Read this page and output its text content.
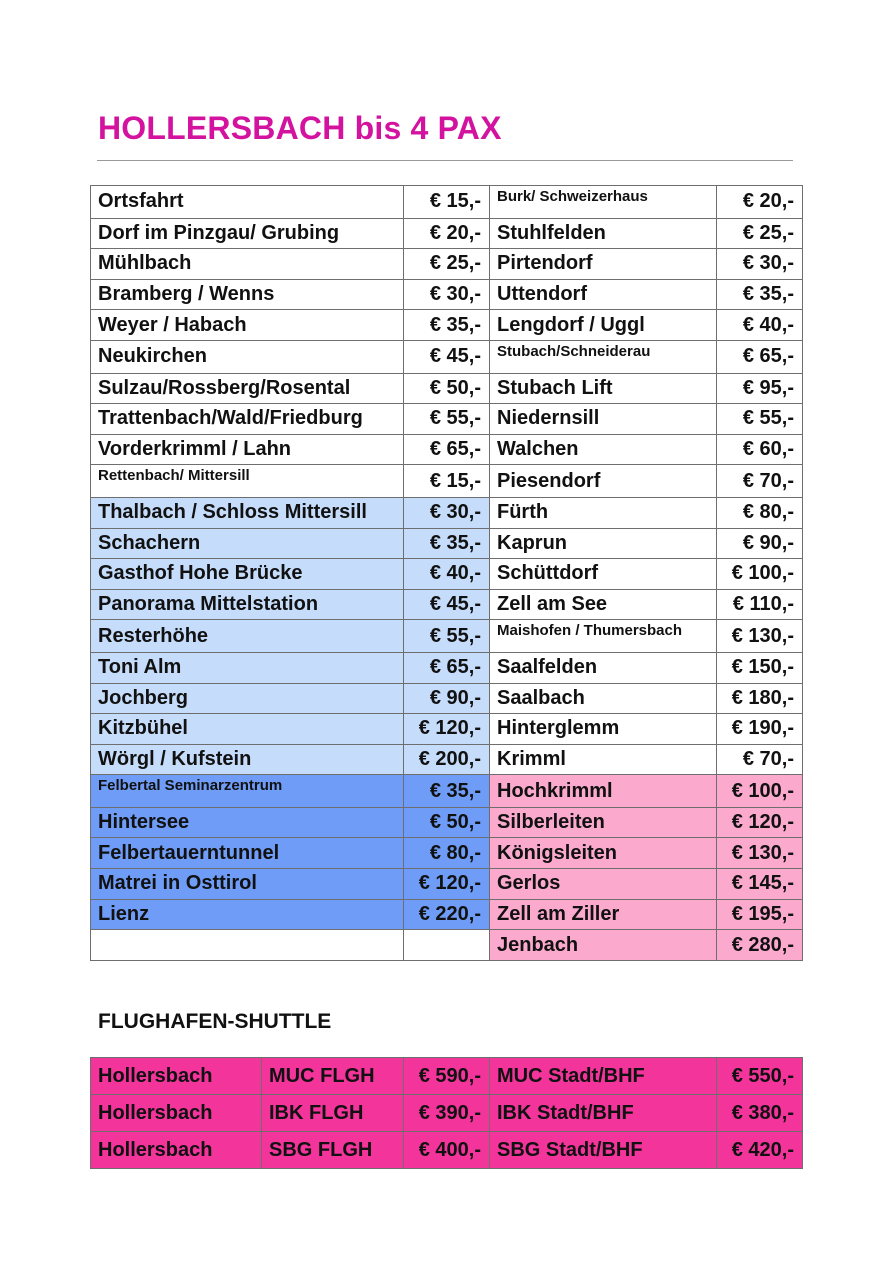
HOLLERSBACH bis 4 PAX
Ortsfahrt	€ 15,-	Burk/ Schweizerhaus	€ 20,-
Dorf im Pinzgau/ Grubing	€ 20,-	Stuhlfelden	€ 25,-
Mühlbach	€ 25,-	Pirtendorf	€ 30,-
Bramberg / Wenns	€ 30,-	Uttendorf	€ 35,-
Weyer / Habach	€ 35,-	Lengdorf / Uggl	€ 40,-
Neukirchen	€ 45,-	Stubach/Schneiderau	€ 65,-
Sulzau/Rossberg/Rosental	€ 50,-	Stubach Lift	€ 95,-
Trattenbach/Wald/Friedburg	€ 55,-	Niedernsill	€ 55,-
Vorderkrimml / Lahn	€ 65,-	Walchen	€ 60,-
Rettenbach/ Mittersill	€ 15,-	Piesendorf	€ 70,-
Thalbach / Schloss Mittersill	€ 30,-	Fürth	€ 80,-
Schachern	€ 35,-	Kaprun	€ 90,-
Gasthof Hohe Brücke	€ 40,-	Schüttdorf	€ 100,-
Panorama Mittelstation	€ 45,-	Zell am See	€ 110,-
Resterhöhe	€ 55,-	Maishofen / Thumersbach	€ 130,-
Toni Alm	€ 65,-	Saalfelden	€ 150,-
Jochberg	€ 90,-	Saalbach	€ 180,-
Kitzbühel	€ 120,-	Hinterglemm	€ 190,-
Wörgl / Kufstein	€ 200,-	Krimml	€ 70,-
Felbertal Seminarzentrum	€ 35,-	Hochkrimml	€ 100,-
Hintersee	€ 50,-	Silberleiten	€ 120,-
Felbertauerntunnel	€ 80,-	Königsleiten	€ 130,-
Matrei in Osttirol	€ 120,-	Gerlos	€ 145,-
Lienz	€ 220,-	Zell am Ziller	€ 195,-
		Jenbach	€ 280,-
FLUGHAFEN-SHUTTLE
Hollersbach	MUC FLGH	€ 590,-	MUC Stadt/BHF	€ 550,-
Hollersbach	IBK FLGH	€ 390,-	IBK Stadt/BHF	€ 380,-
Hollersbach	SBG FLGH	€ 400,-	SBG Stadt/BHF	€ 420,-
